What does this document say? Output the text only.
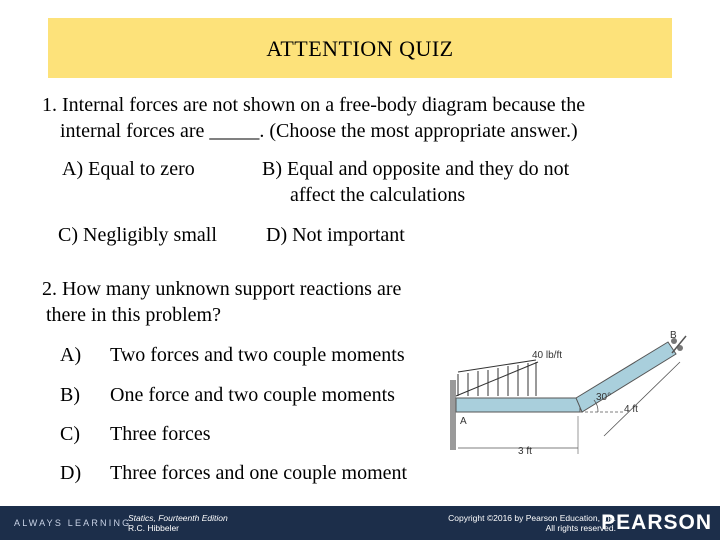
ATTENTION QUIZ
1. Internal forces are not shown on a free-body diagram because the
internal forces are _____. (Choose the most appropriate answer.)
A) Equal to zero	B) Equal and opposite and they do not
affect the calculations
C) Negligibly small D) Not important
2. How many unknown support reactions are
there in this problem?
A) Two forces and two couple moments
B) One force and two couple moments
C) Three forces
D) Three forces and one couple moment
40 lb/ft
30°
4 ft
3 ft
A
B
ALWAYS LEARNING
Statics, Fourteenth Edition
R.C. Hibbeler
Copyright ©2016 by Pearson Education, Inc.
All rights reserved.
PEARSON
